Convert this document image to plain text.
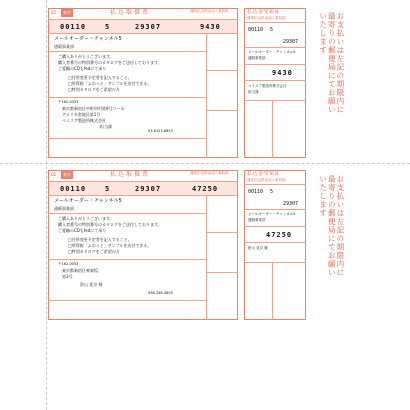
02	東京	払込取扱票	通常払込料金加入者負担
00110	5	29307	9430
メールオーダー・チャンネル5
通販事業部
ご購入ありがとうございます。
購入者番号の特別番号のカタログをご送付しております。
ご愛顧のCDもfedにて承り
□住所変更予定者を記入すること。
□所得税「ふわっと」サンプルを送付できる。
□特別カタログをご希望の方
〒162-0053
東京都新宿区中町何村第9号コーポ
アメリカ産地区第1号
ベイスア製造所株式会社
担当課
03-6123-6853
払込金受領証
通常払込料金加入者負担
00110 5
29307
メールオーダー・チャンネル5
通販事業部
9430
ベイスア製造所株式会社
担当課	お支払いは左記の期限内に最寄りの郵便局にてお願いいたします
02	東京	払込取扱票	通常払込料金加入者負担
00110	5	29307	47250
メールオーダー・チャンネル5
通販事業部
ご購入ありがとうございます。
購入者番号の特別番号のカタログをご送付しております。
ご愛顧のCDもfedにて承り
□住所変更予定者を記入すること。
□所得税「ふわっと」サンプルを送付できる。
□特別カタログをご希望の方
〒162-0053
東京都新宿区神楽坂
第3号
鈴山 花京 様
096-346-4805
払込金受領証
通常払込料金加入者負担
00110 5
29307
メールオーダー・チャンネル5
通販事業部
47250
鈴山 花京 様	お支払いは左記の期限内に最寄りの郵便局にてお願いいたします
